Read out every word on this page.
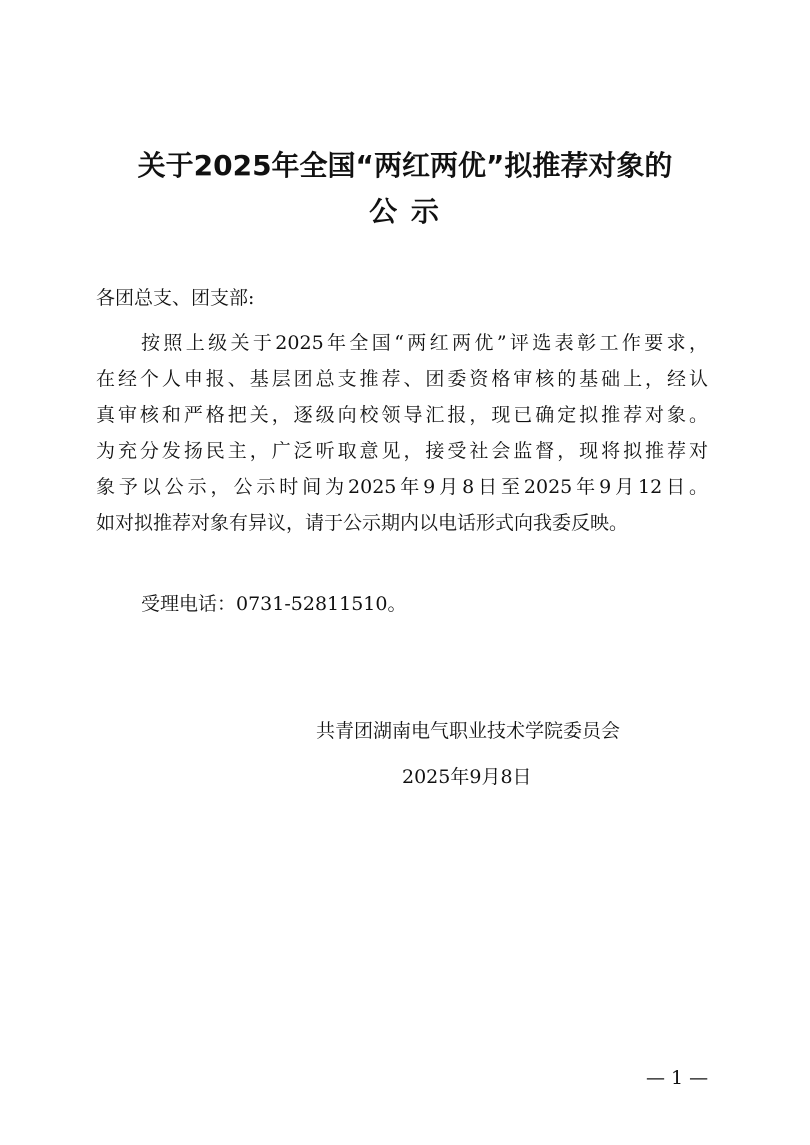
关于2025年全国“两红两优”拟推荐对象的
公 示
各团总支、团支部:
按照上级关于2025年全国“两红两优”评选表彰工作要求，
在经个人申报、基层团总支推荐、团委资格审核的基础上，经认
真审核和严格把关，逐级向校领导汇报，现已确定拟推荐对象。
为充分发扬民主，广泛听取意见，接受社会监督，现将拟推荐对
象予以公示，公示时间为2025年9月8日至2025年9月12日。
如对拟推荐对象有异议，请于公示期内以电话形式向我委反映。
受理电话：0731-52811510。
共青团湖南电气职业技术学院委员会
2025年9月8日
— 1 —
